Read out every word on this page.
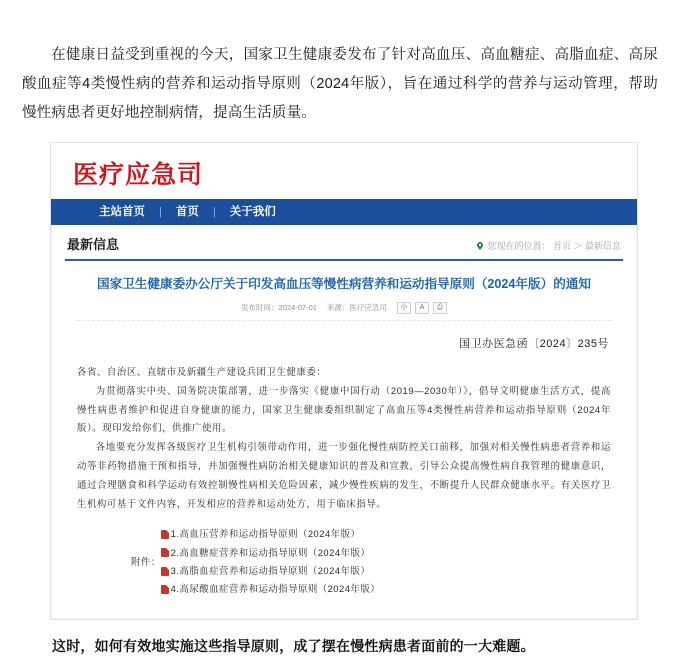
在健康日益受到重视的今天，国家卫生健康委发布了针对高血压、高血糖症、高脂血症、高尿酸血症等4类慢性病的营养和运动指导原则（2024年版），旨在通过科学的营养与运动管理，帮助慢性病患者更好地控制病情，提高生活质量。

医疗应急司
主站首页	|	首页	|	关于我们
最新信息	您现在的位置： 首页 ＞ 最新信息
国家卫生健康委办公厅关于印发高血压等慢性病营养和运动指导原则（2024年版）的通知
发布时间：2024-07-01 来源：医疗应急司	小	A	⎙
国卫办医急函〔2024〕235号
各省、自治区、直辖市及新疆生产建设兵团卫生健康委：
为贯彻落实中央、国务院决策部署，进一步落实《健康中国行动（2019—2030年）》，倡导文明健康生活方式，提高慢性病患者维护和促进自身健康的能力，国家卫生健康委组织制定了高血压等4类慢性病营养和运动指导原则（2024年版）。现印发给你们，供推广使用。
各地要充分发挥各级医疗卫生机构引领带动作用，进一步强化慢性病防控关口前移，加强对相关慢性病患者营养和运动等非药物措施干预和指导，并加强慢性病防治相关健康知识的普及和宣教，引导公众提高慢性病自我管理的健康意识，通过合理膳食和科学运动有效控制慢性病相关危险因素，减少慢性疾病的发生，不断提升人民群众健康水平。有关医疗卫生机构可基于文件内容，开发相应的营养和运动处方，用于临床指导。
附件：
1.高血压营养和运动指导原则（2024年版）
2.高血糖症营养和运动指导原则（2024年版）
3.高脂血症营养和运动指导原则（2024年版）
4.高尿酸血症营养和运动指导原则（2024年版）

这时，如何有效地实施这些指导原则，成了摆在慢性病患者面前的一大难题。
